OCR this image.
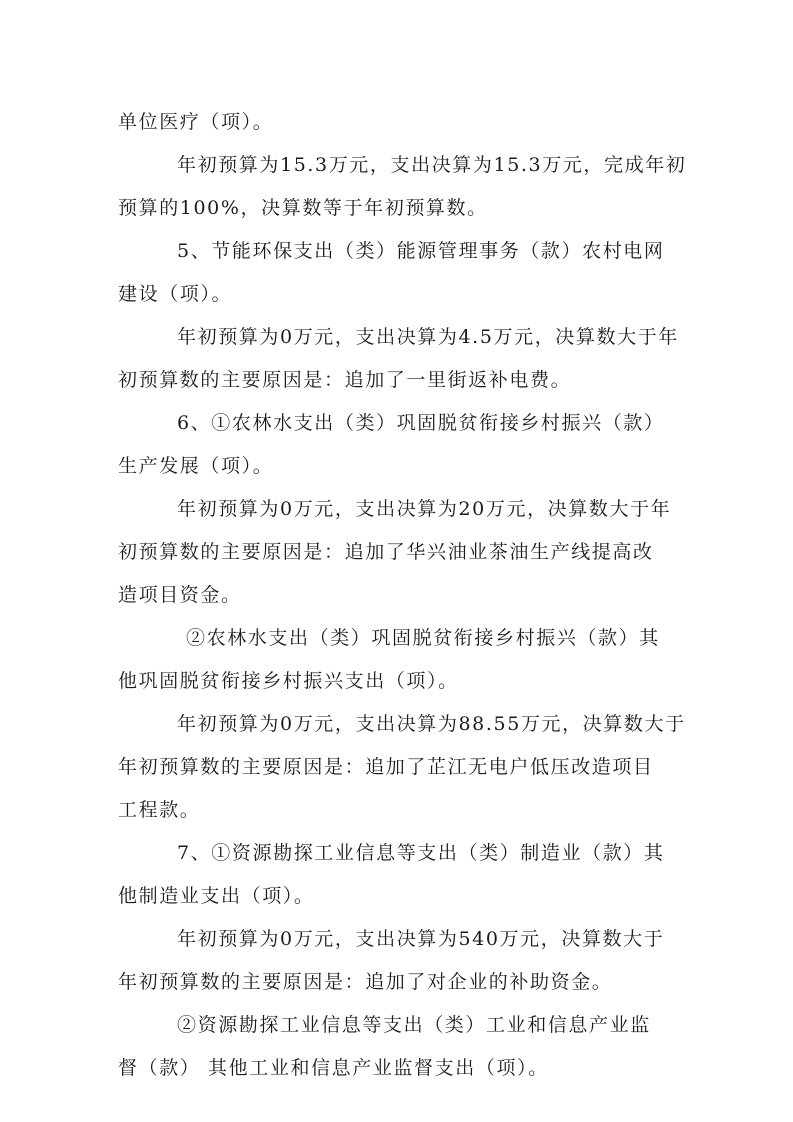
单位医疗（项）。
年初预算为15.3万元，支出决算为15.3万元，完成年初
预算的100%，决算数等于年初预算数。
5、节能环保支出（类）能源管理事务（款）农村电网
建设（项）。
年初预算为0万元，支出决算为4.5万元，决算数大于年
初预算数的主要原因是：追加了一里街返补电费。
6、①农林水支出（类）巩固脱贫衔接乡村振兴（款）
生产发展（项）。
年初预算为0万元，支出决算为20万元，决算数大于年
初预算数的主要原因是：追加了华兴油业茶油生产线提高改
造项目资金。
②农林水支出（类）巩固脱贫衔接乡村振兴（款）其
他巩固脱贫衔接乡村振兴支出（项）。
年初预算为0万元，支出决算为88.55万元，决算数大于
年初预算数的主要原因是：追加了芷江无电户低压改造项目
工程款。
7、①资源勘探工业信息等支出（类）制造业（款）其
他制造业支出（项）。
年初预算为0万元，支出决算为540万元，决算数大于
年初预算数的主要原因是：追加了对企业的补助资金。
②资源勘探工业信息等支出（类）工业和信息产业监
督（款） 其他工业和信息产业监督支出（项）。
